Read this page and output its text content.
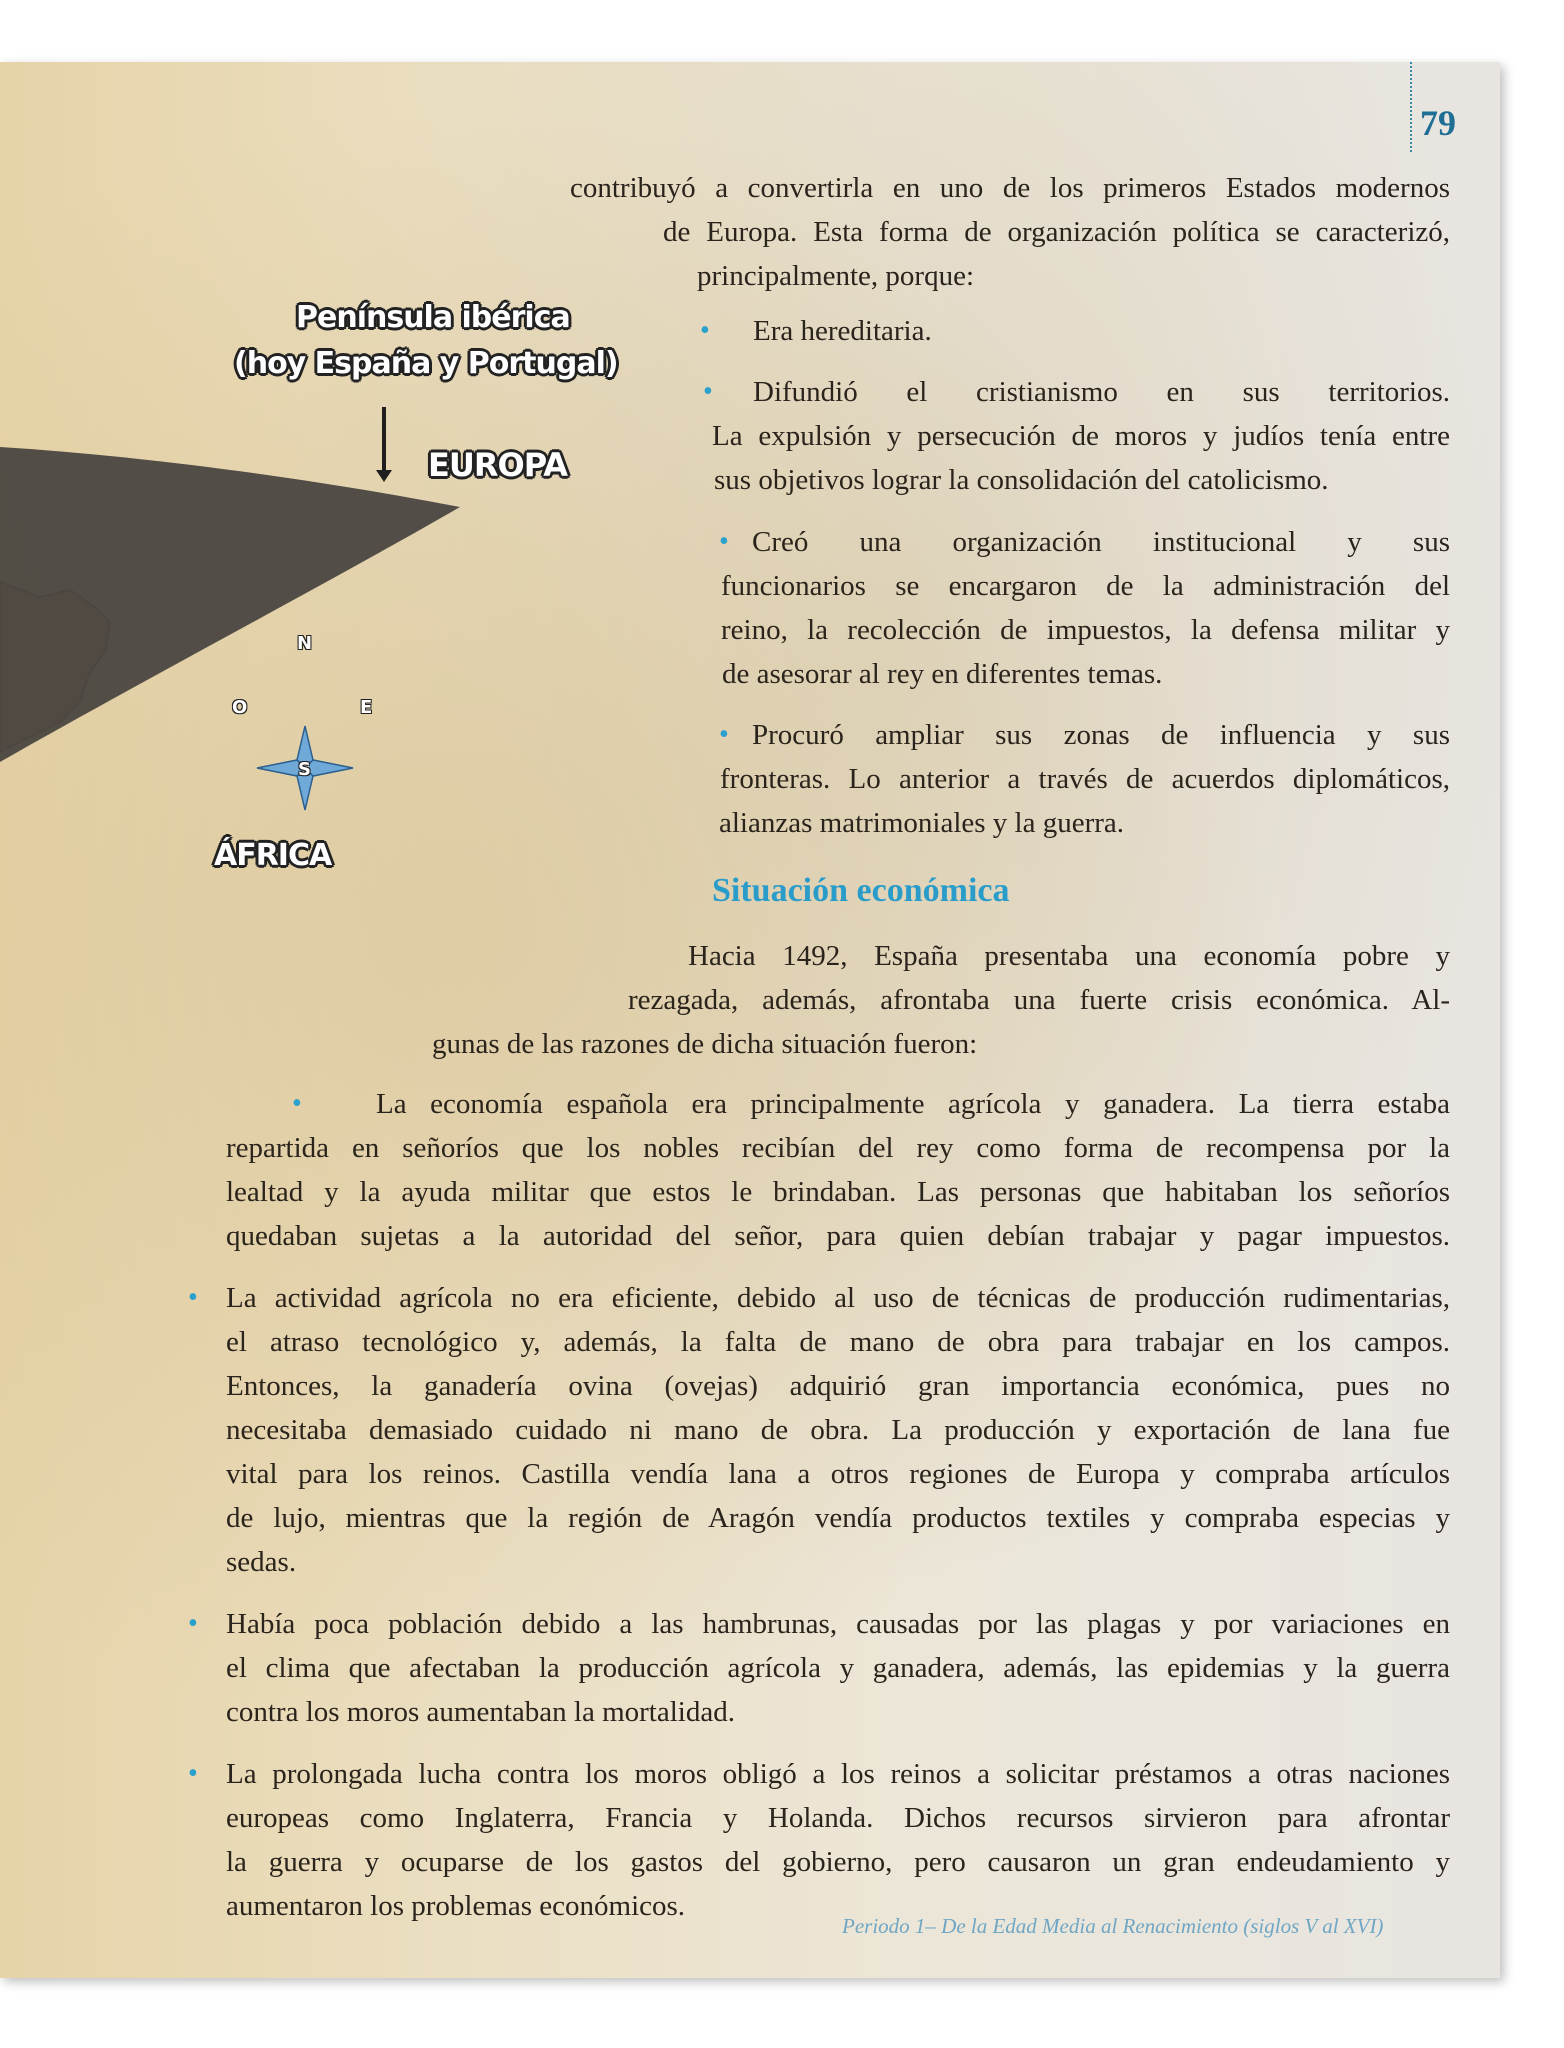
79
Península ibérica
(hoy España y Portugal)
EUROPA
ÁFRICA
N
S
E
O
contribuyó a convertirla en uno de los primeros Estados modernos
de Europa. Esta forma de organización política se caracterizó,
principalmente, porque:
• Era hereditaria.
• Difundió el cristianismo en sus territorios.
La expulsión y persecución de moros y judíos tenía entre
sus objetivos lograr la consolidación del catolicismo.
• Creó una organización institucional y sus
funcionarios se encargaron de la administración del
reino, la recolección de impuestos, la defensa militar y
de asesorar al rey en diferentes temas.
• Procuró ampliar sus zonas de influencia y sus
fronteras. Lo anterior a través de acuerdos diplomáticos,
alianzas matrimoniales y la guerra.
Situación económica
Hacia 1492, España presentaba una economía pobre y
rezagada, además, afrontaba una fuerte crisis económica. Al-
gunas de las razones de dicha situación fueron:
•	La economía española era principalmente agrícola y ganadera. La tierra estaba
repartida en señoríos que los nobles recibían del rey como forma de recompensa por la
lealtad y la ayuda militar que estos le brindaban. Las personas que habitaban los señoríos
quedaban sujetas a la autoridad del señor, para quien debían trabajar y pagar impuestos.
• La actividad agrícola no era eficiente, debido al uso de técnicas de producción rudimentarias,
el atraso tecnológico y, además, la falta de mano de obra para trabajar en los campos.
Entonces, la ganadería ovina (ovejas) adquirió gran importancia económica, pues no
necesitaba demasiado cuidado ni mano de obra. La producción y exportación de lana fue
vital para los reinos. Castilla vendía lana a otros regiones de Europa y compraba artículos
de lujo, mientras que la región de Aragón vendía productos textiles y compraba especias y
sedas.
• Había poca población debido a las hambrunas, causadas por las plagas y por variaciones en
el clima que afectaban la producción agrícola y ganadera, además, las epidemias y la guerra
contra los moros aumentaban la mortalidad.
• La prolongada lucha contra los moros obligó a los reinos a solicitar préstamos a otras naciones
europeas como Inglaterra, Francia y Holanda. Dichos recursos sirvieron para afrontar
la guerra y ocuparse de los gastos del gobierno, pero causaron un gran endeudamiento y
aumentaron los problemas económicos.
Periodo 1– De la Edad Media al Renacimiento (siglos V al XVI)
